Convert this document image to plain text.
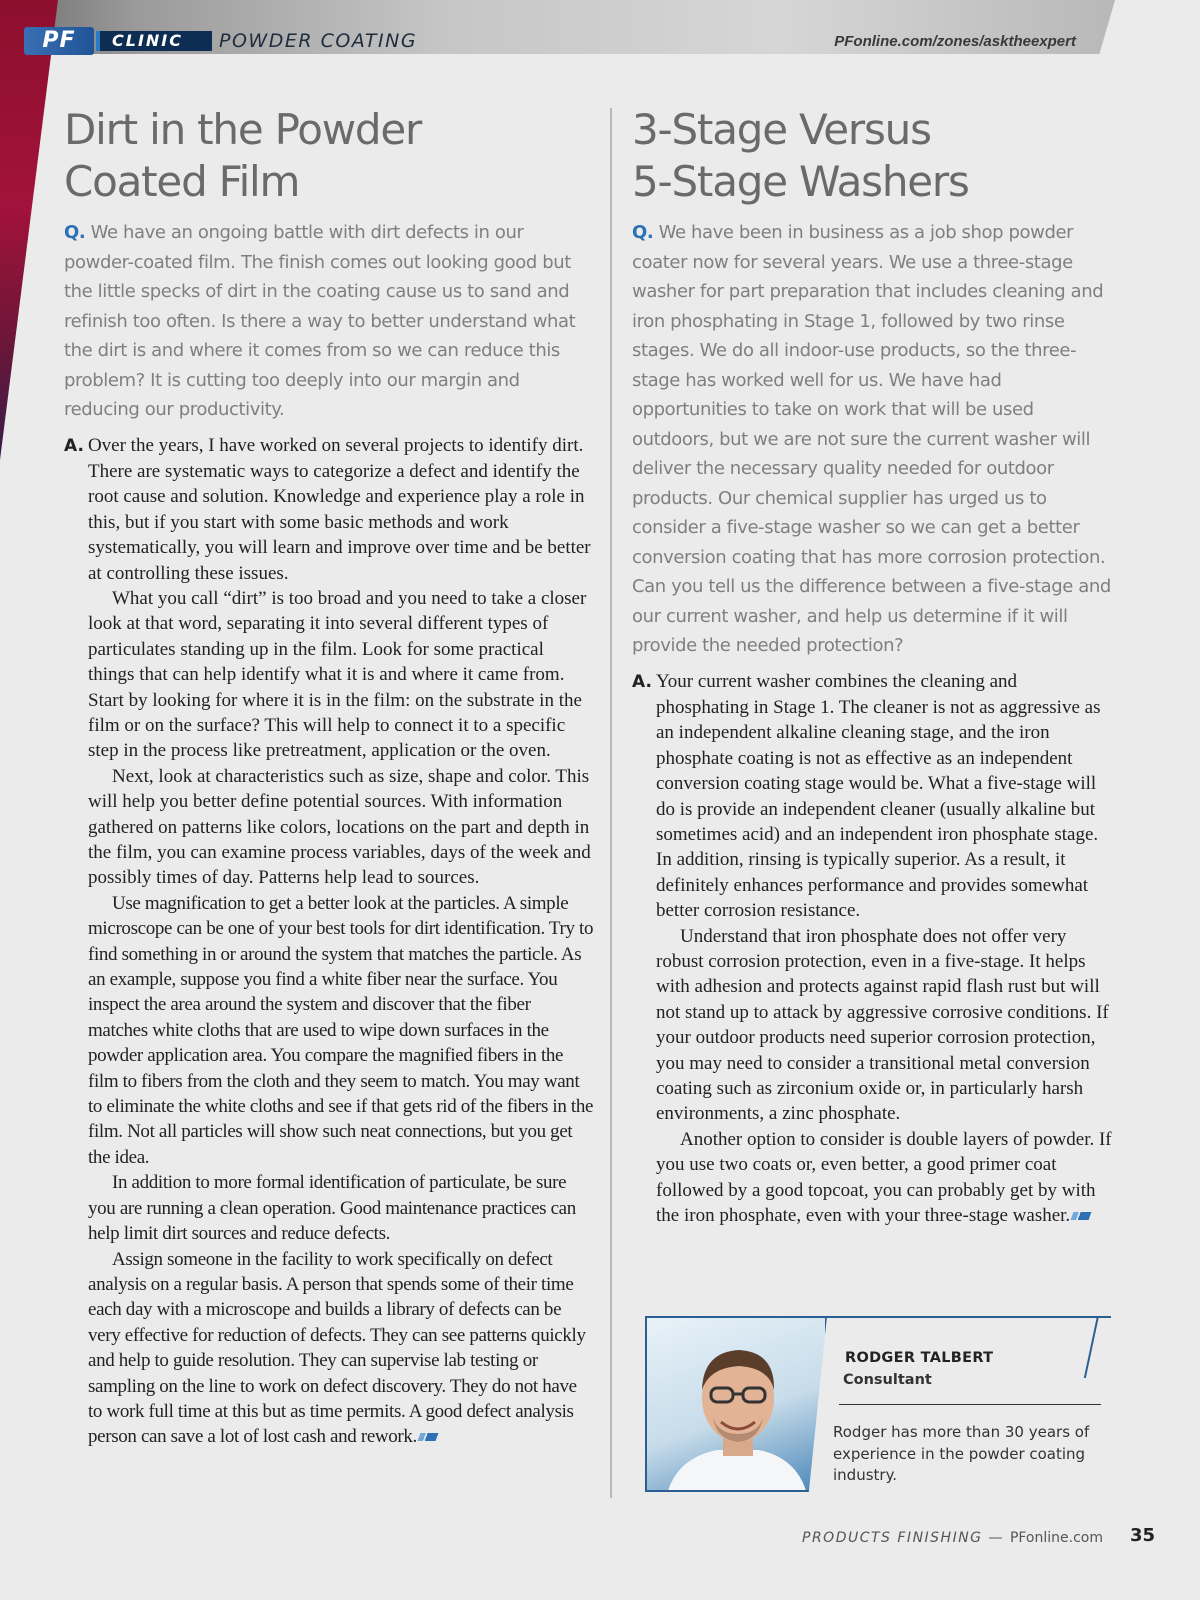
PF	CLINIC POWDER COATING	PFonline.com/zones/asktheexpert
Dirt in the Powder
Coated Film

Q. We have an ongoing battle with dirt defects in our powder-coated film. The finish comes out looking good but the little specks of dirt in the coating cause us to sand and refinish too often. Is there a way to better understand what the dirt is and where it comes from so we can reduce this problem? It is cutting too deeply into our margin and reducing our productivity.

A. Over the years, I have worked on several projects to identify dirt. There are systematic ways to categorize a defect and identify the root cause and solution. Knowledge and experience play a role in this, but if you start with some basic methods and work systematically, you will learn and improve over time and be better at controlling these issues.

What you call “dirt” is too broad and you need to take a closer look at that word, separating it into several different types of particulates standing up in the film. Look for some practical things that can help identify what it is and where it came from. Start by looking for where it is in the film: on the substrate in the film or on the surface? This will help to connect it to a specific step in the process like pretreatment, application or the oven.

Next, look at characteristics such as size, shape and color. This will help you better define potential sources. With information gathered on patterns like colors, locations on the part and depth in the film, you can examine process variables, days of the week and possibly times of day. Patterns help lead to sources.

Use magnification to get a better look at the particles. A simple microscope can be one of your best tools for dirt identification. Try to find something in or around the system that matches the particle. As an example, suppose you find a white fiber near the surface. You inspect the area around the system and discover that the fiber matches white cloths that are used to wipe down surfaces in the powder application area. You compare the magnified fibers in the film to fibers from the cloth and they seem to match. You may want to eliminate the white cloths and see if that gets rid of the fibers in the film. Not all particles will show such neat connections, but you get the idea.

In addition to more formal identification of particulate, be sure you are running a clean operation. Good maintenance practices can help limit dirt sources and reduce defects.

Assign someone in the facility to work specifically on defect analysis on a regular basis. A person that spends some of their time each day with a microscope and builds a library of defects can be very effective for reduction of defects. They can see patterns quickly and help to guide resolution. They can supervise lab testing or sampling on the line to work on defect discovery. They do not have to work full time at this but as time permits. A good defect analysis person can save a lot of lost cash and rework.

3-Stage Versus
5-Stage Washers

Q. We have been in business as a job shop powder coater now for several years. We use a three-stage washer for part preparation that includes cleaning and iron phosphating in Stage 1, followed by two rinse stages. We do all indoor-use products, so the three-stage has worked well for us. We have had opportunities to take on work that will be used outdoors, but we are not sure the current washer will deliver the necessary quality needed for outdoor products. Our chemical supplier has urged us to consider a five-stage washer so we can get a better conversion coating that has more corrosion protection. Can you tell us the difference between a five-stage and our current washer, and help us determine if it will provide the needed protection?

A. Your current washer combines the cleaning and phosphating in Stage 1. The cleaner is not as aggressive as an independent alkaline cleaning stage, and the iron phosphate coating is not as effective as an independent conversion coating stage would be. What a five-stage will do is provide an independent cleaner (usually alkaline but sometimes acid) and an independent iron phosphate stage. In addition, rinsing is typically superior. As a result, it definitely enhances performance and provides somewhat better corrosion resistance.

Understand that iron phosphate does not offer very robust corrosion protection, even in a five-stage. It helps with adhesion and protects against rapid flash rust but will not stand up to attack by aggressive corrosive conditions. If your outdoor products need superior corrosion protection, you may need to consider a transitional metal conversion coating such as zirconium oxide or, in particularly harsh environments, a zinc phosphate.

Another option to consider is double layers of powder. If you use two coats or, even better, a good primer coat followed by a good topcoat, you can probably get by with the iron phosphate, even with your three-stage washer.

RODGER TALBERT
Consultant
Rodger has more than 30 years of experience in the powder coating industry.
PRODUCTS FINISHING — PFonline.com 35
